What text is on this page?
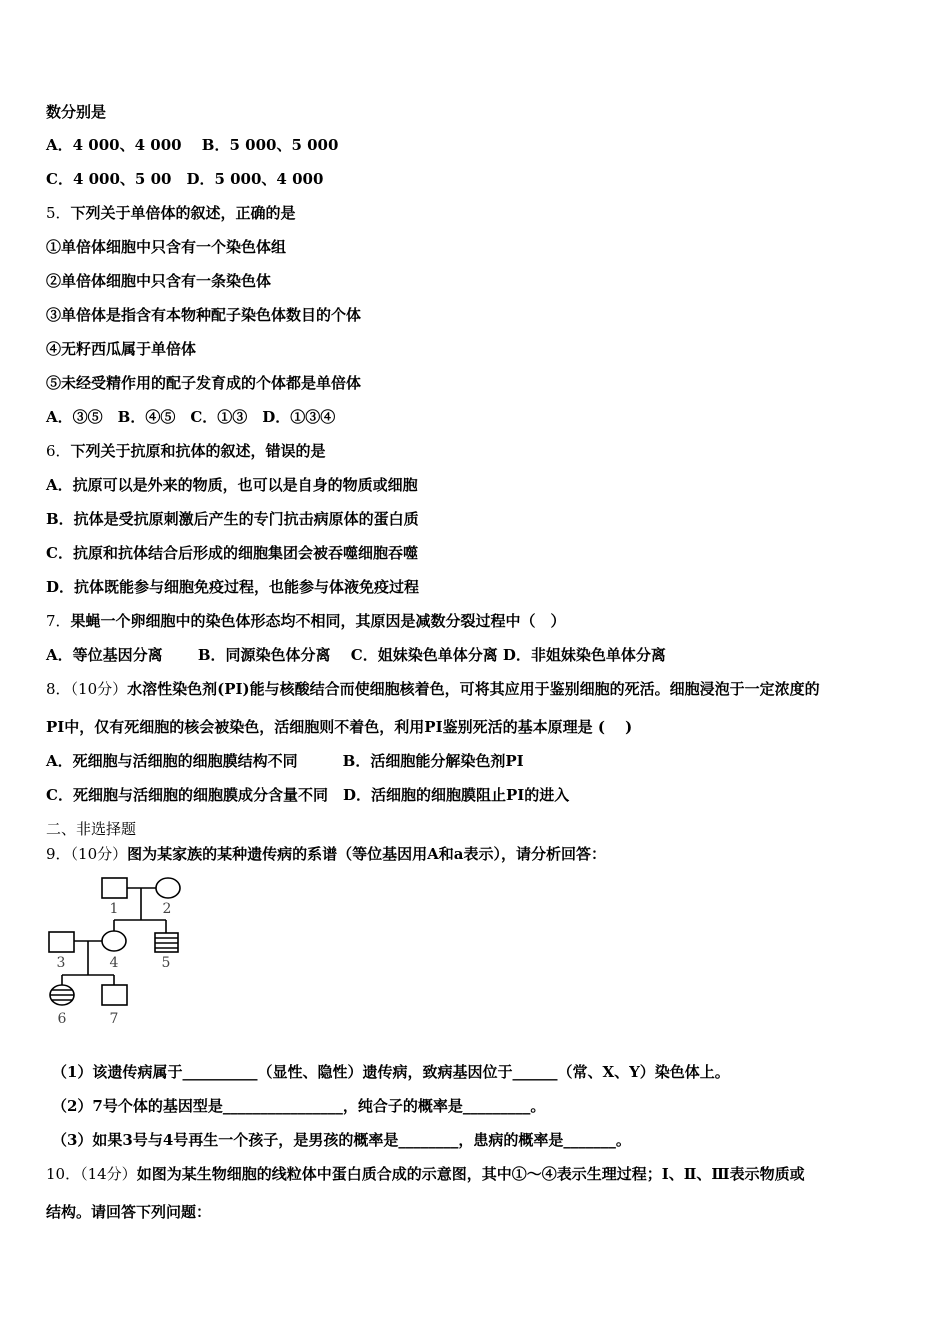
数分别是
A．4 000、4 000　 B．5 000、5 000
C．4 000、5 00　D．5 000、4 000
5．下列关于单倍体的叙述，正确的是
①单倍体细胞中只含有一个染色体组
②单倍体细胞中只含有一条染色体
③单倍体是指含有本物种配子染色体数目的个体
④无籽西瓜属于单倍体
⑤未经受精作用的配子发育成的个体都是单倍体
A．③⑤　B．④⑤　C．①③　D．①③④
6．下列关于抗原和抗体的叙述，错误的是
A．抗原可以是外来的物质，也可以是自身的物质或细胞
B．抗体是受抗原刺激后产生的专门抗击病原体的蛋白质
C．抗原和抗体结合后形成的细胞集团会被吞噬细胞吞噬
D．抗体既能参与细胞免疫过程，也能参与体液免疫过程
7．果蝇一个卵细胞中的染色体形态均不相同，其原因是减数分裂过程中（　）
A．等位基因分离　　 B．同源染色体分离　 C．姐妹染色单体分离 D．非姐妹染色单体分离
8．（10分）水溶性染色剂(PI)能与核酸结合而使细胞核着色，可将其应用于鉴别细胞的死活。细胞浸泡于一定浓度的
PI中，仅有死细胞的核会被染色，活细胞则不着色，利用PI鉴别死活的基本原理是 (　 )
A．死细胞与活细胞的细胞膜结构不同　　　B．活细胞能分解染色剂PI
C．死细胞与活细胞的细胞膜成分含量不同　D．活细胞的细胞膜阻止PI的进入
二、非选择题
9．（10分）图为某家族的某种遗传病的系谱（等位基因用A和a表示），请分析回答：
1	2
3	4	5
6	7
（1）该遗传病属于__________（显性、隐性）遗传病，致病基因位于______（常、X、Y）染色体上。
（2）7号个体的基因型是________________，纯合子的概率是_________。
（3）如果3号与4号再生一个孩子，是男孩的概率是________，患病的概率是_______。
10．（14分）如图为某生物细胞的线粒体中蛋白质合成的示意图，其中①～④表示生理过程；Ⅰ、Ⅱ、Ⅲ表示物质或
结构。请回答下列问题：
